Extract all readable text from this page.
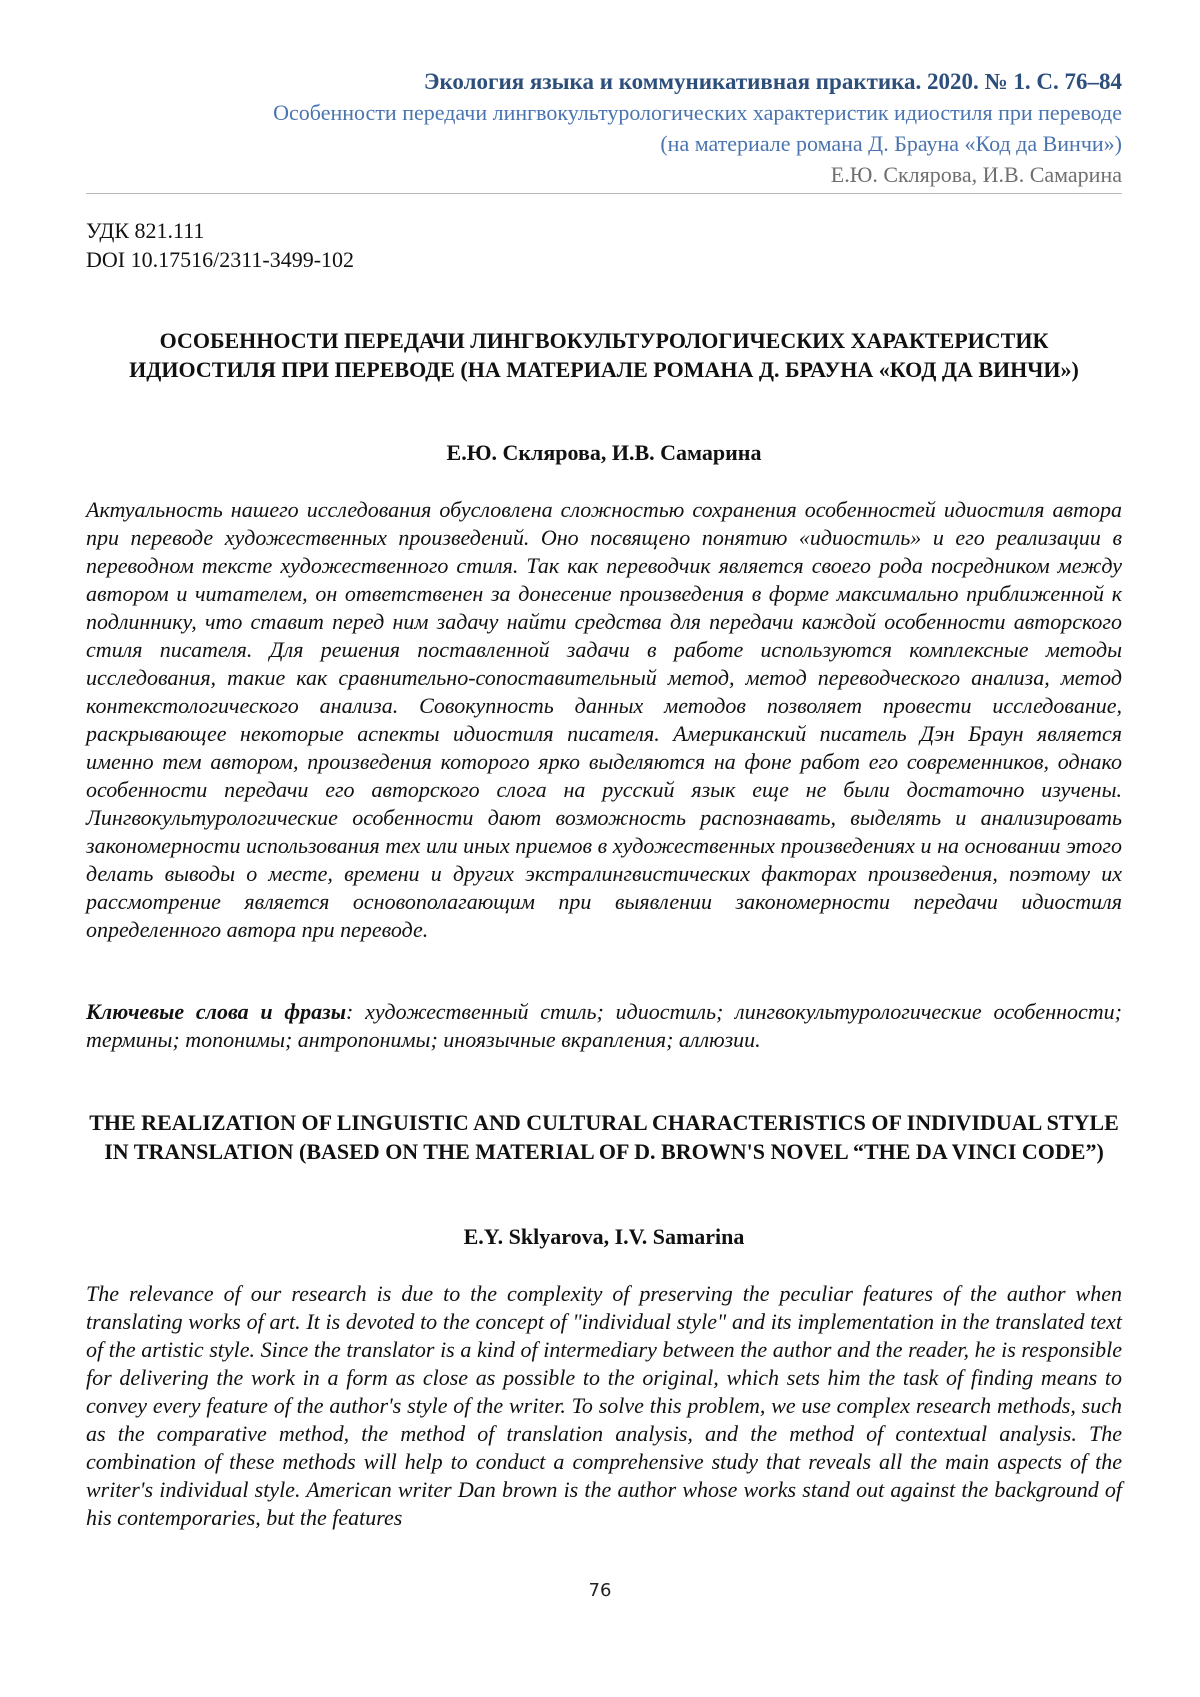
Экология языка и коммуникативная практика. 2020. № 1. С. 76–84
Особенности передачи лингвокультурологических характеристик идиостиля при переводе
(на материале романа Д. Брауна «Код да Винчи»)
Е.Ю. Склярова, И.В. Самарина
УДК 821.111
DOI 10.17516/2311-3499-102
ОСОБЕННОСТИ ПЕРЕДАЧИ ЛИНГВОКУЛЬТУРОЛОГИЧЕСКИХ ХАРАКТЕРИСТИК ИДИОСТИЛЯ ПРИ ПЕРЕВОДЕ (НА МАТЕРИАЛЕ РОМАНА Д. БРАУНА «КОД ДА ВИНЧИ»)
Е.Ю. Склярова, И.В. Самарина

Актуальность нашего исследования обусловлена сложностью сохранения особенностей идиостиля автора при переводе художественных произведений. Оно посвящено понятию «идиостиль» и его реализации в переводном тексте художественного стиля. Так как переводчик является своего рода посредником между автором и читателем, он ответственен за донесение произведения в форме максимально приближенной к подлиннику, что ставит перед ним задачу найти средства для передачи каждой особенности авторского стиля писателя. Для решения поставленной задачи в работе используются комплексные методы исследования, такие как сравнительно-сопоставительный метод, метод переводческого анализа, метод контекстологического анализа. Совокупность данных методов позволяет провести исследование, раскрывающее некоторые аспекты идиостиля писателя. Американский писатель Дэн Браун является именно тем автором, произведения которого ярко выделяются на фоне работ его современников, однако особенности передачи его авторского слога на русский язык еще не были достаточно изучены. Лингвокультурологические особенности дают возможность распознавать, выделять и анализировать закономерности использования тех или иных приемов в художественных произведениях и на основании этого делать выводы о месте, времени и других экстралингвистических факторах произведения, поэтому их рассмотрение является основополагающим при выявлении закономерности передачи идиостиля определенного автора при переводе.

Ключевые слова и фразы: художественный стиль; идиостиль; лингвокультурологические особенности; термины; топонимы; антропонимы; иноязычные вкрапления; аллюзии.

THE REALIZATION OF LINGUISTIC AND CULTURAL CHARACTERISTICS OF INDIVIDUAL STYLE IN TRANSLATION (BASED ON THE MATERIAL OF D. BROWN'S NOVEL “THE DA VINCI CODE”)
E.Y. Sklyarova, I.V. Samarina

The relevance of our research is due to the complexity of preserving the peculiar features of the author when translating works of art. It is devoted to the concept of "individual style" and its implementation in the translated text of the artistic style. Since the translator is a kind of intermediary between the author and the reader, he is responsible for delivering the work in a form as close as possible to the original, which sets him the task of finding means to convey every feature of the author's style of the writer. To solve this problem, we use complex research methods, such as the comparative method, the method of translation analysis, and the method of contextual analysis. The combination of these methods will help to conduct a comprehensive study that reveals all the main aspects of the writer's individual style. American writer Dan brown is the author whose works stand out against the background of his contemporaries, but the features

76
